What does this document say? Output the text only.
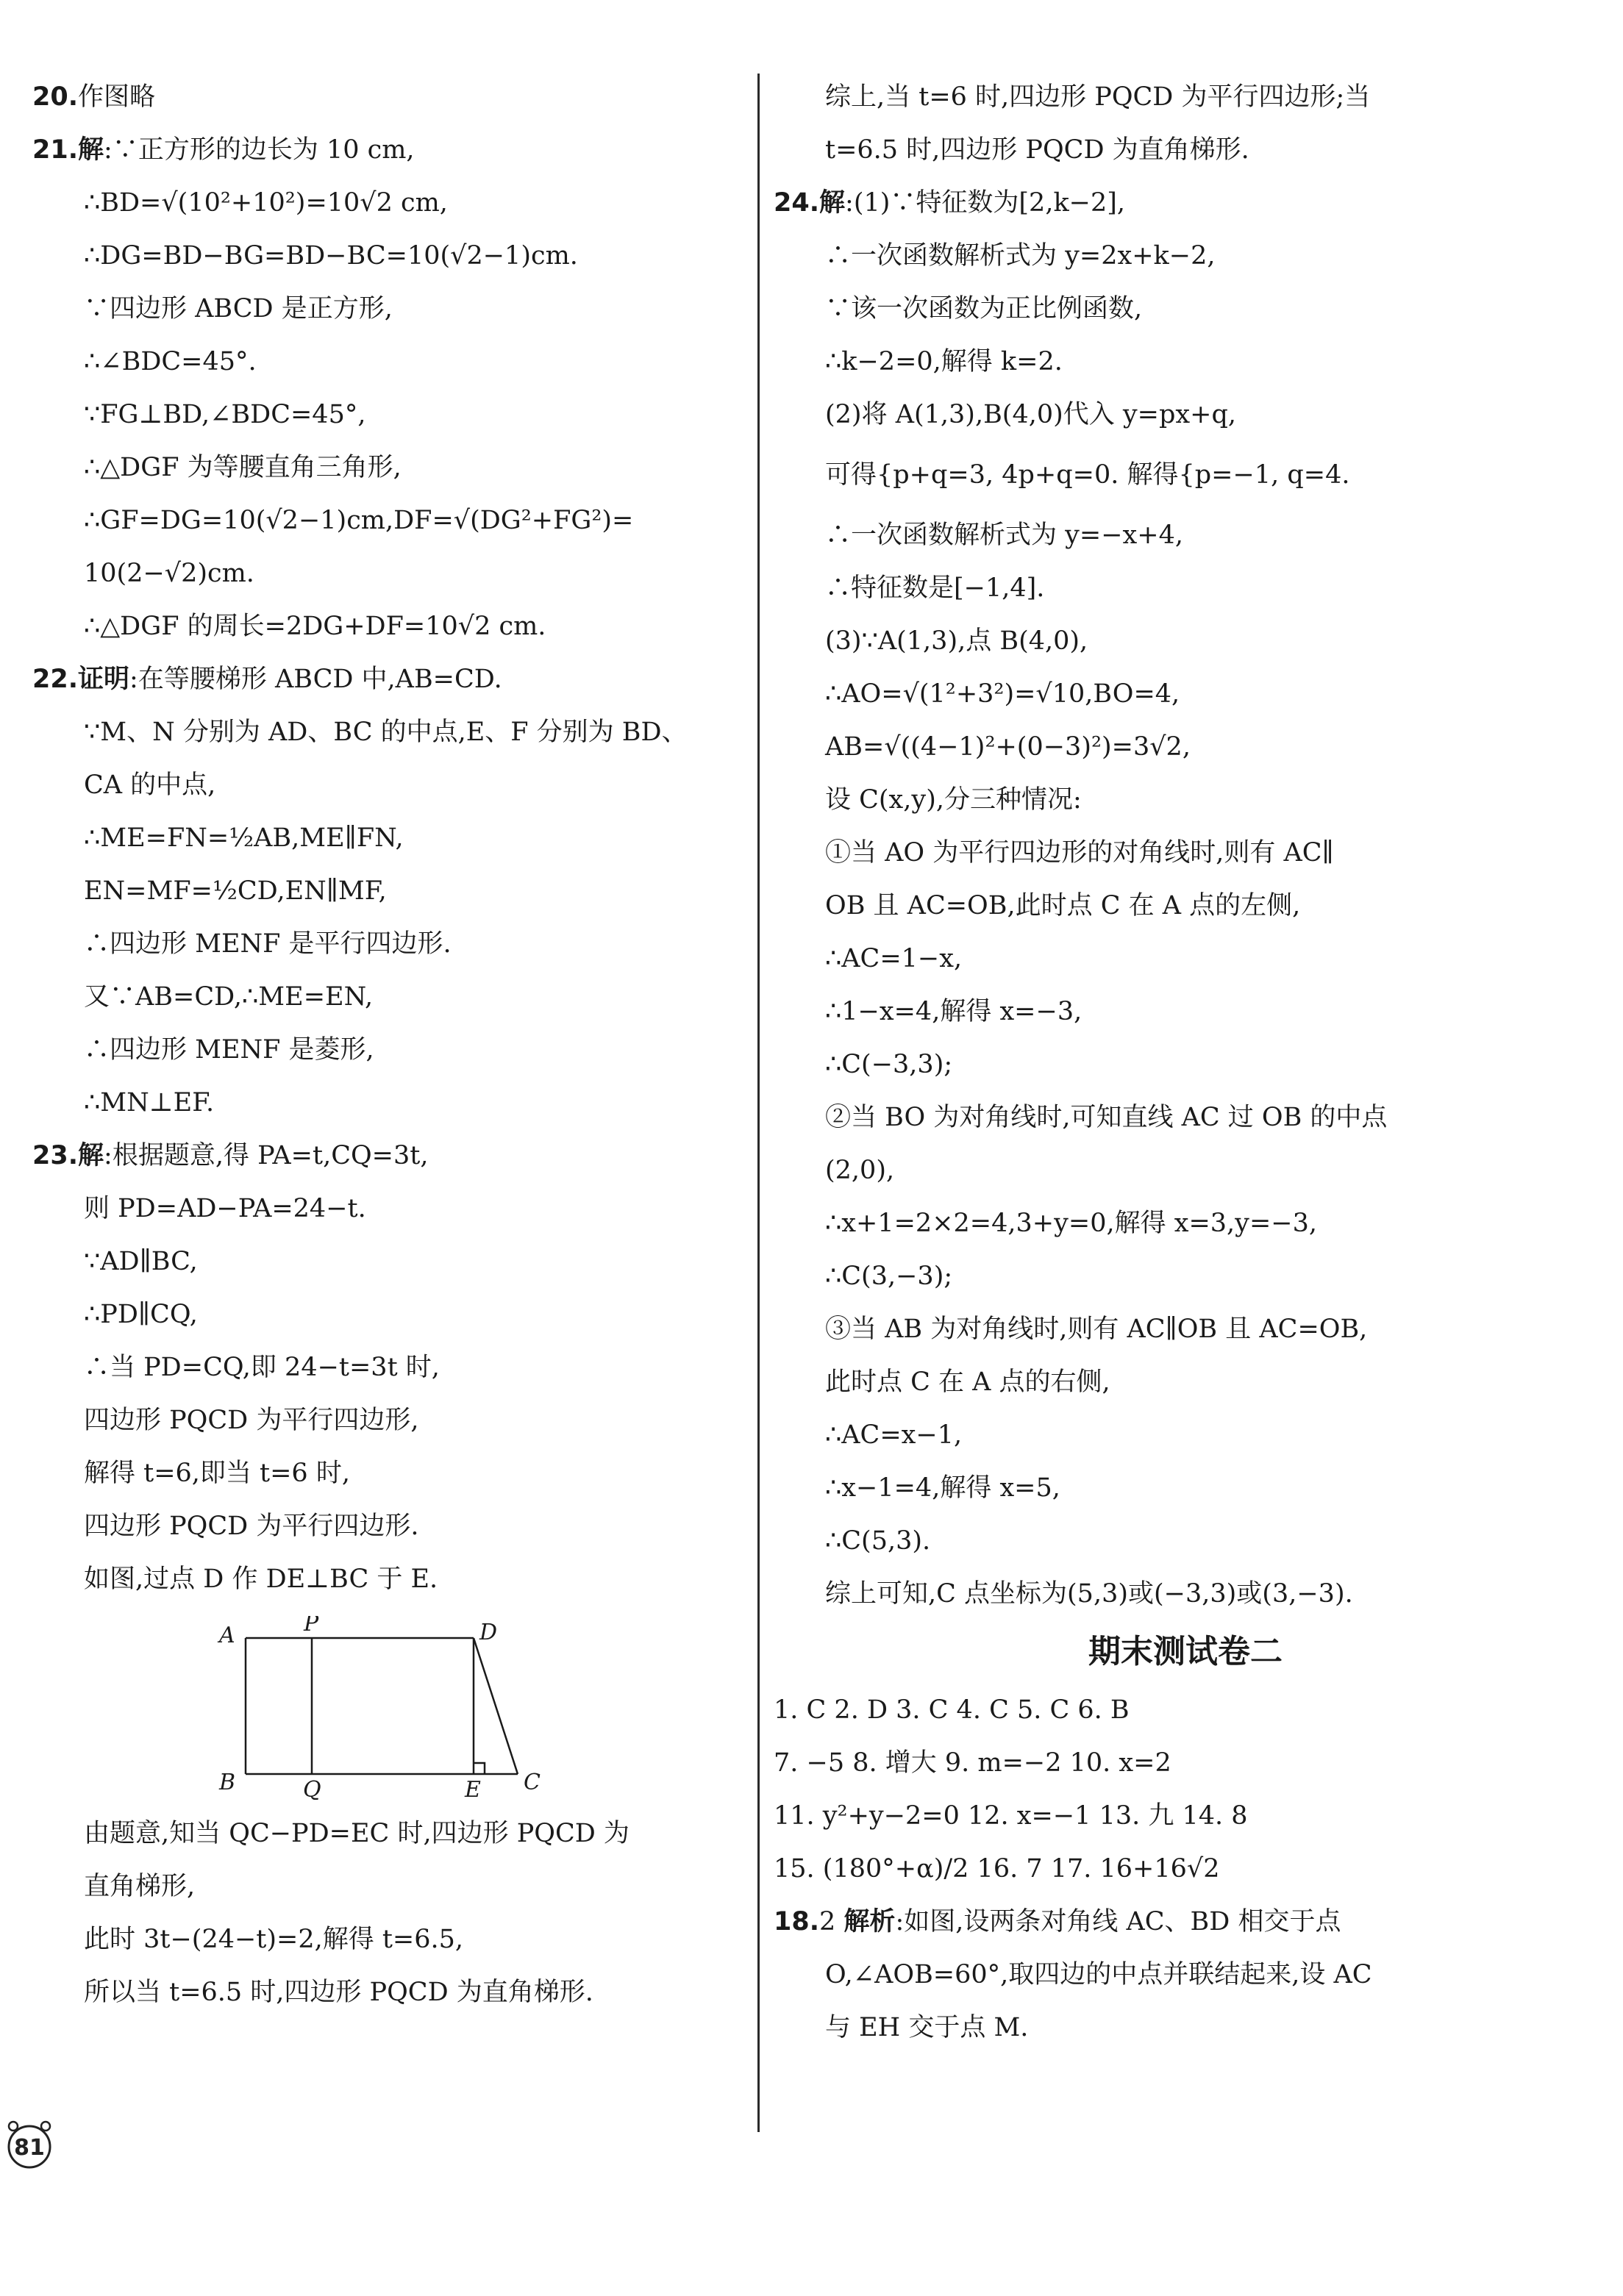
20.作图略
21.解:∵正方形的边长为 10 cm,
∴BD=√(10²+10²)=10√2 cm,
∴DG=BD−BG=BD−BC=10(√2−1)cm.
∵四边形 ABCD 是正方形,
∴∠BDC=45°.
∵FG⊥BD,∠BDC=45°,
∴△DGF 为等腰直角三角形,
∴GF=DG=10(√2−1)cm,DF=√(DG²+FG²)=
10(2−√2)cm.
∴△DGF 的周长=2DG+DF=10√2 cm.
22.证明:在等腰梯形 ABCD 中,AB=CD.
∵M、N 分别为 AD、BC 的中点,E、F 分别为 BD、
CA 的中点,
∴ME=FN=½AB,ME∥FN,
EN=MF=½CD,EN∥MF,
∴四边形 MENF 是平行四边形.
又∵AB=CD,∴ME=EN,
∴四边形 MENF 是菱形,
∴MN⊥EF.
23.解:根据题意,得 PA=t,CQ=3t,
则 PD=AD−PA=24−t.
∵AD∥BC,
∴PD∥CQ,
∴当 PD=CQ,即 24−t=3t 时,
四边形 PQCD 为平行四边形,
解得 t=6,即当 t=6 时,
四边形 PQCD 为平行四边形.
如图,过点 D 作 DE⊥BC 于 E.
A	P	D
B	Q	E C
由题意,知当 QC−PD=EC 时,四边形 PQCD 为
直角梯形,
此时 3t−(24−t)=2,解得 t=6.5,
所以当 t=6.5 时,四边形 PQCD 为直角梯形.
综上,当 t=6 时,四边形 PQCD 为平行四边形;当
t=6.5 时,四边形 PQCD 为直角梯形.
24.解:(1)∵特征数为[2,k−2],
∴一次函数解析式为 y=2x+k−2,
∵该一次函数为正比例函数,
∴k−2=0,解得 k=2.
(2)将 A(1,3),B(4,0)代入 y=px+q,
可得{p+q=3, 4p+q=0. 解得{p=−1, q=4.
∴一次函数解析式为 y=−x+4,
∴特征数是[−1,4].
(3)∵A(1,3),点 B(4,0),
∴AO=√(1²+3²)=√10,BO=4,
AB=√((4−1)²+(0−3)²)=3√2,
设 C(x,y),分三种情况:
①当 AO 为平行四边形的对角线时,则有 AC∥
OB 且 AC=OB,此时点 C 在 A 点的左侧,
∴AC=1−x,
∴1−x=4,解得 x=−3,
∴C(−3,3);
②当 BO 为对角线时,可知直线 AC 过 OB 的中点
(2,0),
∴x+1=2×2=4,3+y=0,解得 x=3,y=−3,
∴C(3,−3);
③当 AB 为对角线时,则有 AC∥OB 且 AC=OB,
此时点 C 在 A 点的右侧,
∴AC=x−1,
∴x−1=4,解得 x=5,
∴C(5,3).
综上可知,C 点坐标为(5,3)或(−3,3)或(3,−3).
期末测试卷二
1. C 2. D 3. C 4. C 5. C 6. B
7. −5 8. 增大 9. m=−2 10. x=2
11. y²+y−2=0 12. x=−1 13. 九 14. 8
15. (180°+α)/2 16. 7 17. 16+16√2
18.2 解析:如图,设两条对角线 AC、BD 相交于点
O,∠AOB=60°,取四边的中点并联结起来,设 AC
与 EH 交于点 M.
81
